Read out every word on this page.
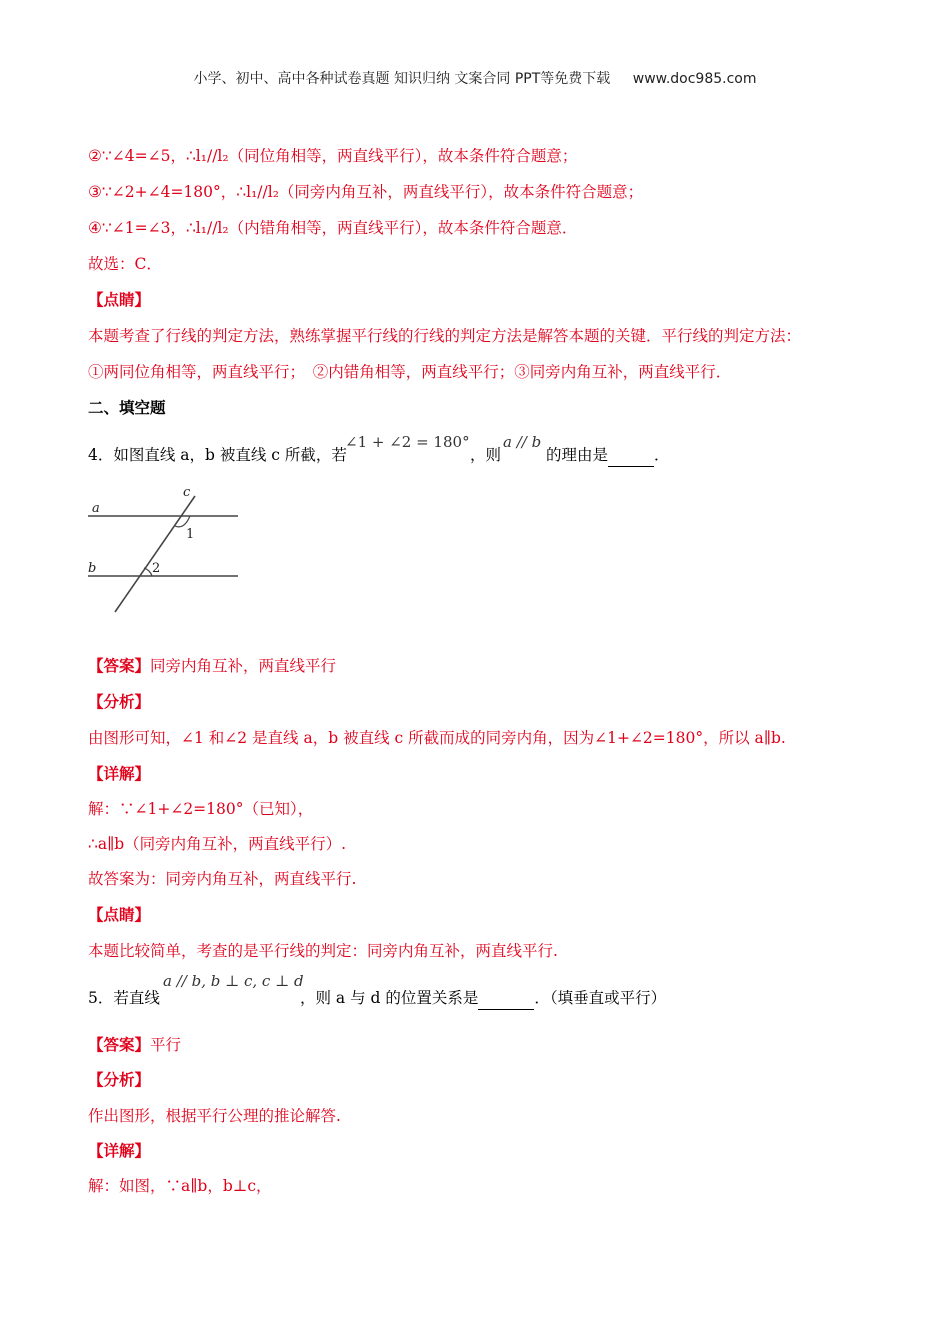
小学、初中、高中各种试卷真题 知识归纳 文案合同 PPT等免费下载 www.doc985.com
②∵∠4=∠5，∴l₁//l₂（同位角相等，两直线平行），故本条件符合题意；
③∵∠2+∠4=180°，∴l₁//l₂（同旁内角互补，两直线平行），故本条件符合题意；
④∵∠1=∠3，∴l₁//l₂（内错角相等，两直线平行），故本条件符合题意．
故选：C．
【点睛】
本题考查了行线的判定方法，熟练掌握平行线的行线的判定方法是解答本题的关键．平行线的判定方法：
①两同位角相等，两直线平行；　②内错角相等，两直线平行；③同旁内角互补，两直线平行．
二、填空题
4．如图直线 a，b 被直线 c 所截，若
∠1 + ∠2 = 180°
，则
a // b
的理由是	．
a
b
c
1
2
【答案】同旁内角互补，两直线平行
【分析】
由图形可知，∠1 和∠2 是直线 a，b 被直线 c 所截而成的同旁内角，因为∠1+∠2=180°，所以 a∥b.
【详解】
解：∵∠1+∠2=180°（已知），
∴a∥b（同旁内角互补，两直线平行）.
故答案为：同旁内角互补，两直线平行.
【点睛】
本题比较简单，考查的是平行线的判定：同旁内角互补，两直线平行.
5．若直线
a // b, b ⊥ c, c ⊥ d
，则 a 与 d 的位置关系是	．（填垂直或平行）
【答案】平行
【分析】
作出图形，根据平行公理的推论解答.
【详解】
解：如图，∵a∥b，b⊥c，
